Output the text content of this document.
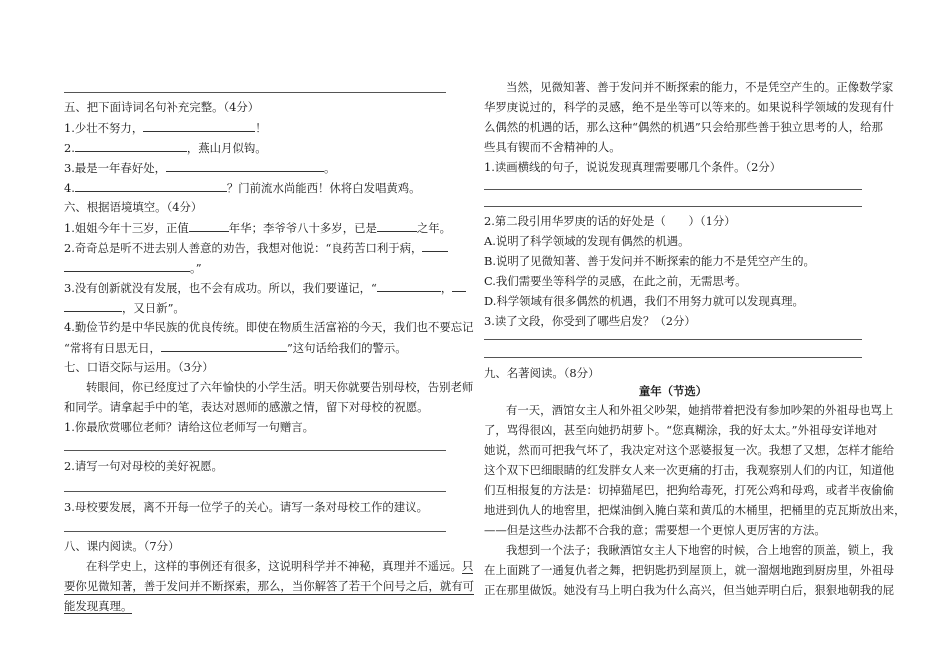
五、把下面诗词名句补充完整。（4分）
1.少壮不努力，	！
2.	，燕山月似钩。
3.最是一年春好处，	。
4.	？门前流水尚能西！休将白发唱黄鸡。
六、根据语境填空。（4分）
1.姐姐今年十三岁，正值	年华；李爷爷八十多岁，已是	之年。
2.奇奇总是听不进去别人善意的劝告，我想对他说：“良药苦口利于病，
。”
3.没有创新就没有发展，也不会有成功。所以，我们要谨记，“	，
，又日新”。
4.勤俭节约是中华民族的优良传统。即使在物质生活富裕的今天，我们也不要忘记
“常将有日思无日，	”这句话给我们的警示。
七、口语交际与运用。（3分）
转眼间，你已经度过了六年愉快的小学生活。明天你就要告别母校，告别老师
和同学。请拿起手中的笔，表达对恩师的感激之情，留下对母校的祝愿。
1.你最欣赏哪位老师？请给这位老师写一句赠言。
2.请写一句对母校的美好祝愿。
3.母校要发展，离不开每一位学子的关心。请写一条对母校工作的建议。
八、课内阅读。（7分）
在科学史上，这样的事例还有很多，这说明科学并不神秘，真理并不遥远。只
要你见微知著，善于发问并不断探索，那么，当你解答了若干个问号之后，就有可
能发现真理。
当然，见微知著、善于发问并不断探索的能力，不是凭空产生的。正像数学家
华罗庚说过的，科学的灵感，绝不是坐等可以等来的。如果说科学领域的发现有什
么偶然的机遇的话，那么这种“偶然的机遇”只会给那些善于独立思考的人，给那
些具有锲而不舍精神的人。
1.读画横线的句子，说说发现真理需要哪几个条件。（2分）
2.第二段引用华罗庚的话的好处是（　　）（1分）
A.说明了科学领域的发现有偶然的机遇。
B.说明了见微知著、善于发问并不断探索的能力不是凭空产生的。
C.我们需要坐等科学的灵感，在此之前，无需思考。
D.科学领域有很多偶然的机遇，我们不用努力就可以发现真理。
3.读了文段，你受到了哪些启发？（2分）
九、名著阅读。（8分）
童年（节选）
有一天，酒馆女主人和外祖父吵架，她捎带着把没有参加吵架的外祖母也骂上
了，骂得很凶，甚至向她扔胡萝卜。“您真糊涂，我的好太太。”外祖母安详地对
她说，然而可把我气坏了，我决定对这个恶婆报复一次。我想了又想，怎样才能给
这个双下巴细眼睛的红发胖女人来一次更痛的打击，我观察别人们的内讧，知道他
们互相报复的方法是：切掉猫尾巴，把狗给毒死，打死公鸡和母鸡，或者半夜偷偷
地进到仇人的地窖里，把煤油倒入腌白菜和黄瓜的木桶里，把桶里的克瓦斯放出来，
——但是这些办法都不合我的意；需要想一个更惊人更厉害的方法。
我想到一个法子；我瞅酒馆女主人下地窖的时候，合上地窖的顶盖，锁上，我
在上面跳了一通复仇者之舞，把钥匙扔到屋顶上，就一溜烟地跑到厨房里，外祖母
正在那里做饭。她没有马上明白我为什么高兴，但当她弄明白后，狠狠地朝我的屁
